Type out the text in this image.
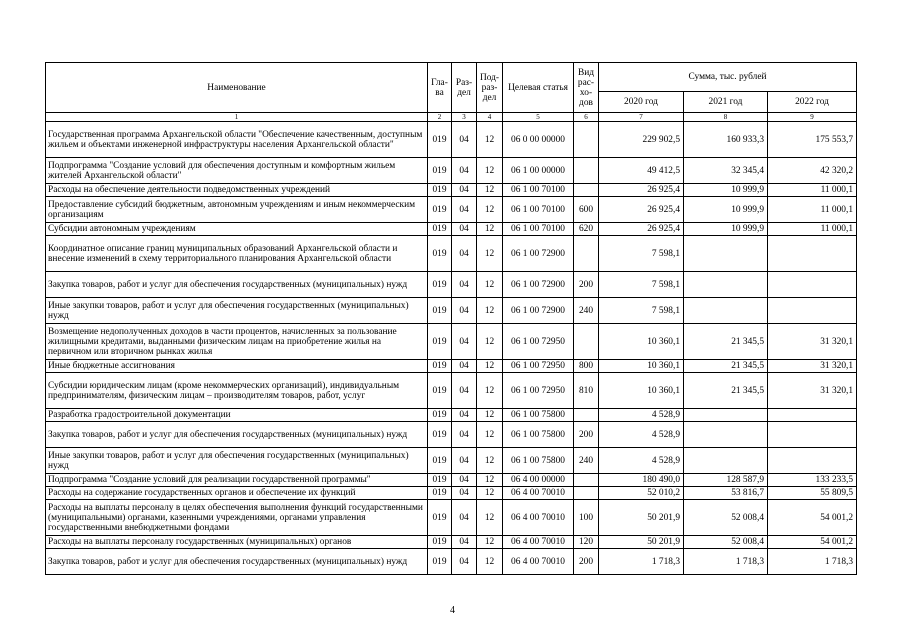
Наименование	Гла-ва	Раз-дел	Под-раз-дел	Целевая статья	Вид рас-хо-дов	Сумма, тыс. рублей		
						2020 год	2021 год	2022 год
1	2	3	4	5	6	7	8	9
Государственная программа Архангельской области "Обеспечение качественным, доступным жильем и объектами инженерной инфраструктуры населения Архангельской области"	019	04	12	06 0 00 00000		229 902,5	160 933,3	175 553,7
Подпрограмма "Создание условий для обеспечения доступным и комфортным жильем жителей Архангельской области"	019	04	12	06 1 00 00000		49 412,5	32 345,4	42 320,2
Расходы на обеспечение деятельности подведомственных учреждений	019	04	12	06 1 00 70100		26 925,4	10 999,9	11 000,1
Предоставление субсидий бюджетным, автономным учреждениям и иным некоммерческим организациям	019	04	12	06 1 00 70100	600	26 925,4	10 999,9	11 000,1
Субсидии автономным учреждениям	019	04	12	06 1 00 70100	620	26 925,4	10 999,9	11 000,1
Координатное описание границ муниципальных образований Архангельской области и внесение изменений в схему территориального планирования Архангельской области	019	04	12	06 1 00 72900		7 598,1		
Закупка товаров, работ и услуг для обеспечения государственных (муниципальных) нужд	019	04	12	06 1 00 72900	200	7 598,1		
Иные закупки товаров, работ и услуг для обеспечения государственных (муниципальных) нужд	019	04	12	06 1 00 72900	240	7 598,1		
Возмещение недополученных доходов в части процентов, начисленных за пользование жилищными кредитами, выданными физическим лицам на приобретение жилья на первичном или вторичном рынках жилья	019	04	12	06 1 00 72950		10 360,1	21 345,5	31 320,1
Иные бюджетные ассигнования	019	04	12	06 1 00 72950	800	10 360,1	21 345,5	31 320,1
Субсидии юридическим лицам (кроме некоммерческих организаций), индивидуальным предпринимателям, физическим лицам – производителям товаров, работ, услуг	019	04	12	06 1 00 72950	810	10 360,1	21 345,5	31 320,1
Разработка градостроительной документации	019	04	12	06 1 00 75800		4 528,9		
Закупка товаров, работ и услуг для обеспечения государственных (муниципальных) нужд	019	04	12	06 1 00 75800	200	4 528,9		
Иные закупки товаров, работ и услуг для обеспечения государственных (муниципальных) нужд	019	04	12	06 1 00 75800	240	4 528,9		
Подпрограмма "Создание условий для реализации государственной программы"	019	04	12	06 4 00 00000		180 490,0	128 587,9	133 233,5
Расходы на содержание государственных органов и обеспечение их функций	019	04	12	06 4 00 70010		52 010,2	53 816,7	55 809,5
Расходы на выплаты персоналу в целях обеспечения выполнения функций государственными (муниципальными) органами, казенными учреждениями, органами управления государственными внебюджетными фондами	019	04	12	06 4 00 70010	100	50 201,9	52 008,4	54 001,2
Расходы на выплаты персоналу государственных (муниципальных) органов	019	04	12	06 4 00 70010	120	50 201,9	52 008,4	54 001,2
Закупка товаров, работ и услуг для обеспечения государственных (муниципальных) нужд	019	04	12	06 4 00 70010	200	1 718,3	1 718,3	1 718,3
4
